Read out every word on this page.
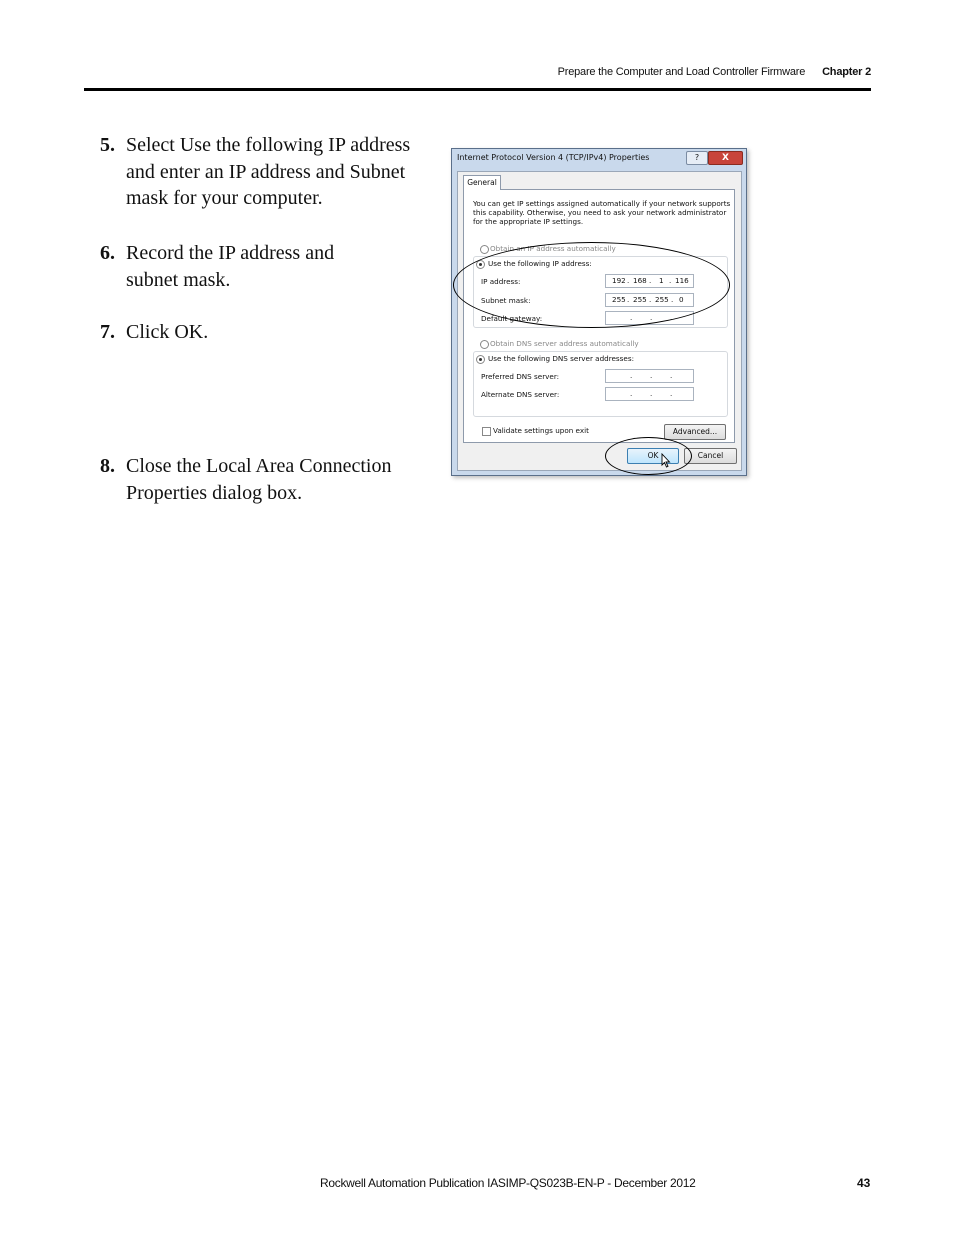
Prepare the Computer and Load Controller Firmware Chapter 2
5. Select Use the following IP address and enter an IP address and Subnet mask for your computer.
6. Record the IP address and subnet mask.
7. Click OK.
8. Close the Local Area Connection Properties dialog box.
Internet Protocol Version 4 (TCP/IPv4) Properties	?	X
General
You can get IP settings assigned automatically if your network supports this capability. Otherwise, you need to ask your network administrator for the appropriate IP settings.
Obtain an IP address automatically
Use the following IP address:
IP address:	192 . 168 . 1 . 116
Subnet mask:	255 . 255 . 255 . 0
Default gateway:	. . .
Obtain DNS server address automatically
Use the following DNS server addresses:
Preferred DNS server:	. . .
Alternate DNS server:	. . .
Validate settings upon exit	Advanced...
OK	Cancel
Rockwell Automation Publication IASIMP-QS023B-EN-P - December 2012	43
